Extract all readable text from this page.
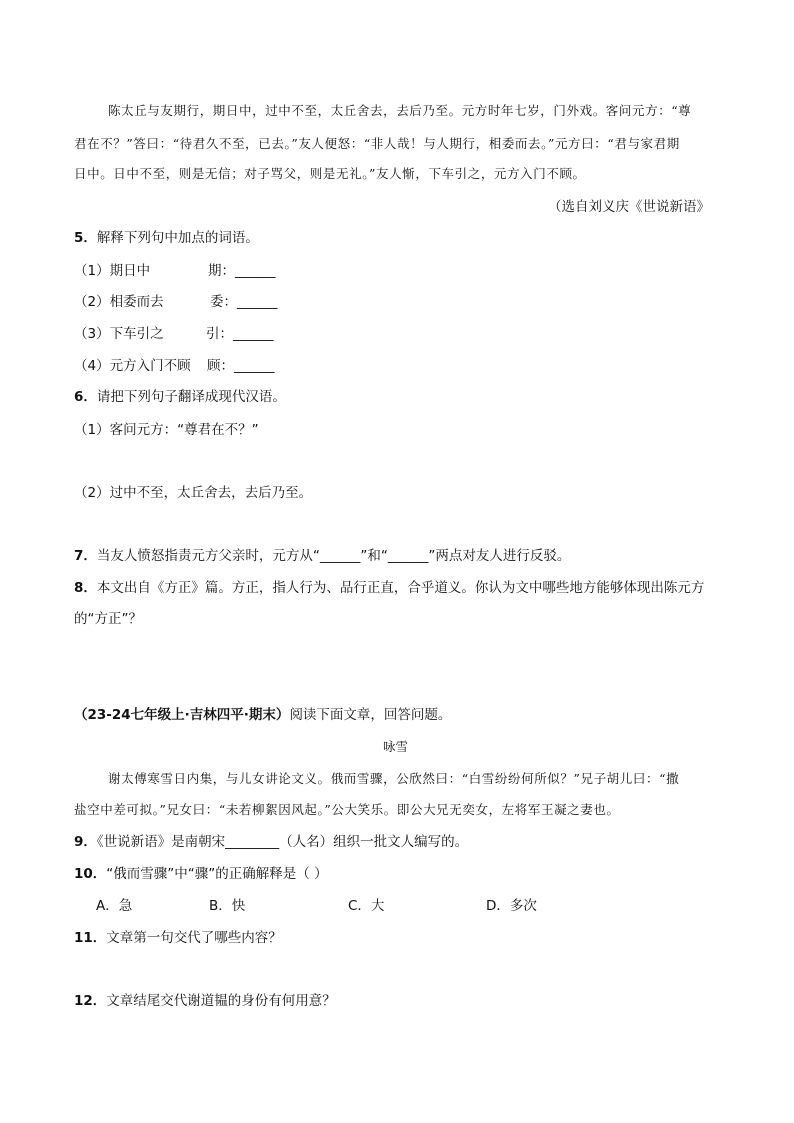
陈太丘与友期行，期日中，过中不至，太丘舍去，去后乃至。元方时年七岁，门外戏。客问元方：“尊
君在不？”答曰：“待君久不至，已去。”友人便怒：“非人哉！与人期行，相委而去。”元方曰：“君与家君期
日中。日中不至，则是无信；对子骂父，则是无礼。”友人惭，下车引之，元方入门不顾。
（选自刘义庆《世说新语》
5．解释下列句中加点的词语。
（1）期日中	期：______
（2）相委而去	委：______
（3）下车引之	引：______
（4）元方入门不顾 顾：______
6．请把下列句子翻译成现代汉语。
（1）客问元方：“尊君在不？”
（2）过中不至，太丘舍去，去后乃至。
7．当友人愤怒指责元方父亲时，元方从“______”和“______”两点对友人进行反驳。
8．本文出自《方正》篇。方正，指人行为、品行正直，合乎道义。你认为文中哪些地方能够体现出陈元方
的“方正”？
（23-24七年级上·吉林四平·期末）阅读下面文章，回答问题。
咏雪
谢太傅寒雪日内集，与儿女讲论文义。俄而雪骤，公欣然曰：“白雪纷纷何所似？”兄子胡儿曰：“撒
盐空中差可拟。”兄女曰：“未若柳絮因风起。”公大笑乐。即公大兄无奕女，左将军王凝之妻也。
9．《世说新语》是南朝宋________（人名）组织一批文人编写的。
10．“俄而雪骤”中“骤”的正确解释是（ ）
A．急	B．快	C．大	D．多次
11．文章第一句交代了哪些内容？
12．文章结尾交代谢道韫的身份有何用意？
